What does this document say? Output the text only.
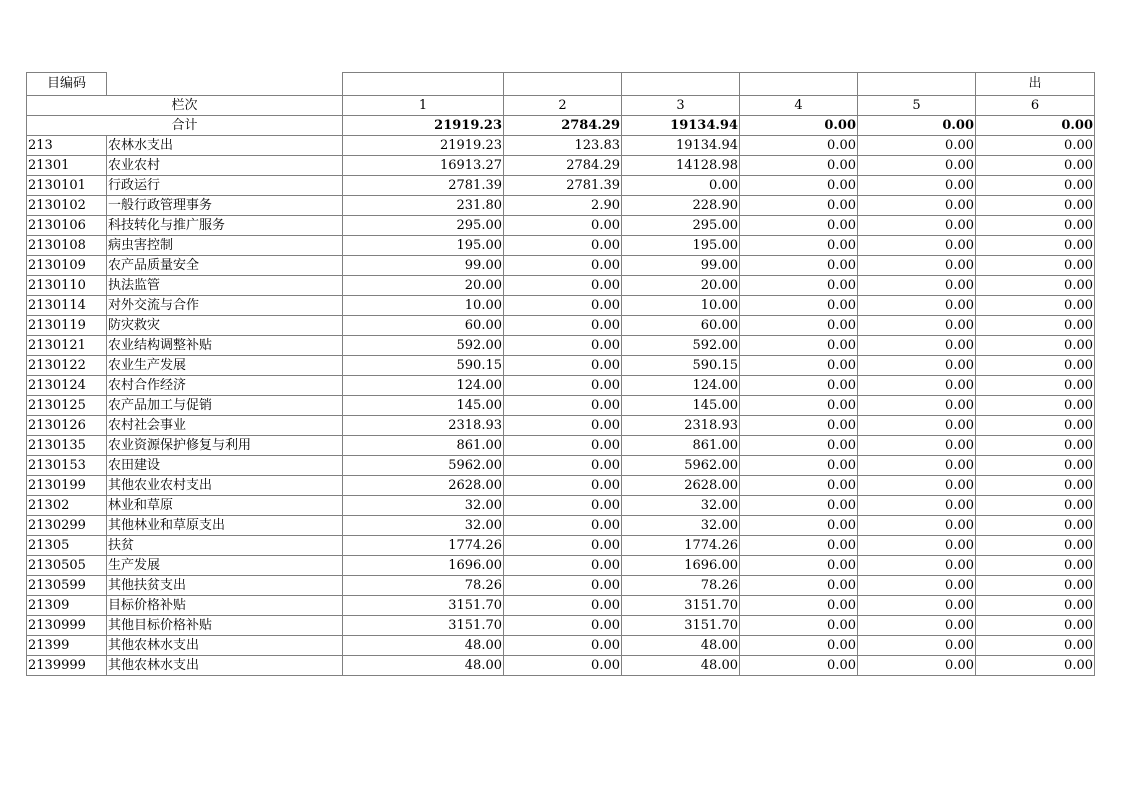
目编码							出
栏次		1	2	3	4	5	6
合计		21919.23	2784.29	19134.94	0.00	0.00	0.00
213	农林水支出	21919.23	123.83	19134.94	0.00	0.00	0.00
21301	农业农村	16913.27	2784.29	14128.98	0.00	0.00	0.00
2130101	行政运行	2781.39	2781.39	0.00	0.00	0.00	0.00
2130102	一般行政管理事务	231.80	2.90	228.90	0.00	0.00	0.00
2130106	科技转化与推广服务	295.00	0.00	295.00	0.00	0.00	0.00
2130108	病虫害控制	195.00	0.00	195.00	0.00	0.00	0.00
2130109	农产品质量安全	99.00	0.00	99.00	0.00	0.00	0.00
2130110	执法监管	20.00	0.00	20.00	0.00	0.00	0.00
2130114	对外交流与合作	10.00	0.00	10.00	0.00	0.00	0.00
2130119	防灾救灾	60.00	0.00	60.00	0.00	0.00	0.00
2130121	农业结构调整补贴	592.00	0.00	592.00	0.00	0.00	0.00
2130122	农业生产发展	590.15	0.00	590.15	0.00	0.00	0.00
2130124	农村合作经济	124.00	0.00	124.00	0.00	0.00	0.00
2130125	农产品加工与促销	145.00	0.00	145.00	0.00	0.00	0.00
2130126	农村社会事业	2318.93	0.00	2318.93	0.00	0.00	0.00
2130135	农业资源保护修复与利用	861.00	0.00	861.00	0.00	0.00	0.00
2130153	农田建设	5962.00	0.00	5962.00	0.00	0.00	0.00
2130199	其他农业农村支出	2628.00	0.00	2628.00	0.00	0.00	0.00
21302	林业和草原	32.00	0.00	32.00	0.00	0.00	0.00
2130299	其他林业和草原支出	32.00	0.00	32.00	0.00	0.00	0.00
21305	扶贫	1774.26	0.00	1774.26	0.00	0.00	0.00
2130505	生产发展	1696.00	0.00	1696.00	0.00	0.00	0.00
2130599	其他扶贫支出	78.26	0.00	78.26	0.00	0.00	0.00
21309	目标价格补贴	3151.70	0.00	3151.70	0.00	0.00	0.00
2130999	其他目标价格补贴	3151.70	0.00	3151.70	0.00	0.00	0.00
21399	其他农林水支出	48.00	0.00	48.00	0.00	0.00	0.00
2139999	其他农林水支出	48.00	0.00	48.00	0.00	0.00	0.00
